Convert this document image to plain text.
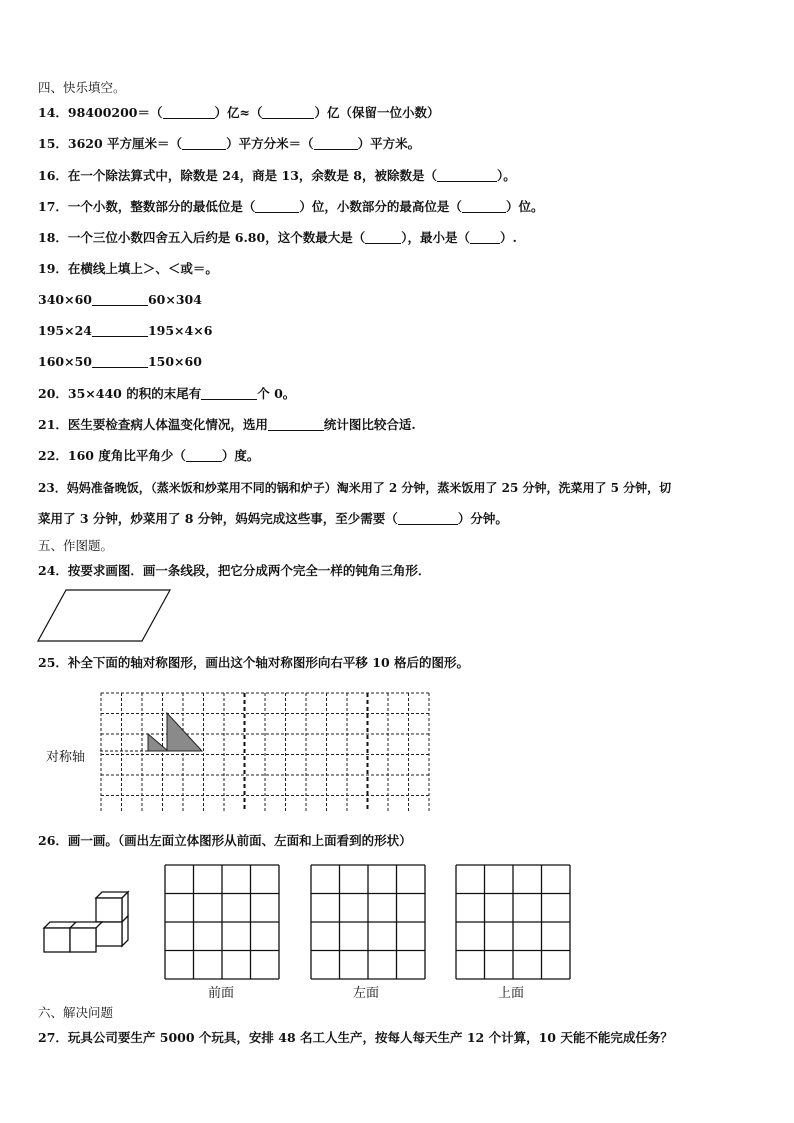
四、快乐填空。
14．98400200＝（	）亿≈（	）亿（保留一位小数）
15．3620 平方厘米＝（	）平方分米＝（	）平方米。
16．在一个除法算式中，除数是 24，商是 13，余数是 8，被除数是（	）。
17．一个小数，整数部分的最低位是（	）位，小数部分的最高位是（	）位。
18．一个三位小数四舍五入后约是 6.80，这个数最大是（	），最小是（ ）.
19．在横线上填上＞、＜或＝。
340×60	60×304
195×24	195×4×6
160×50	150×60
20．35×440 的积的末尾有	个 0。
21．医生要检查病人体温变化情况，选用	统计图比较合适.
22．160 度角比平角少（	）度。
23．妈妈准备晚饭，（蒸米饭和炒菜用不同的锅和炉子）淘米用了 2 分钟，蒸米饭用了 25 分钟，洗菜用了 5 分钟，切
菜用了 3 分钟，炒菜用了 8 分钟，妈妈完成这些事，至少需要（	）分钟。
五、作图题。
24．按要求画图．画一条线段，把它分成两个完全一样的钝角三角形．
25．补全下面的轴对称图形，画出这个轴对称图形向右平移 10 格后的图形。
对称轴
26．画一画。（画出左面立体图形从前面、左面和上面看到的形状）
前面	左面	上面
六、解决问题
27．玩具公司要生产 5000 个玩具，安排 48 名工人生产，按每人每天生产 12 个计算，10 天能不能完成任务？
